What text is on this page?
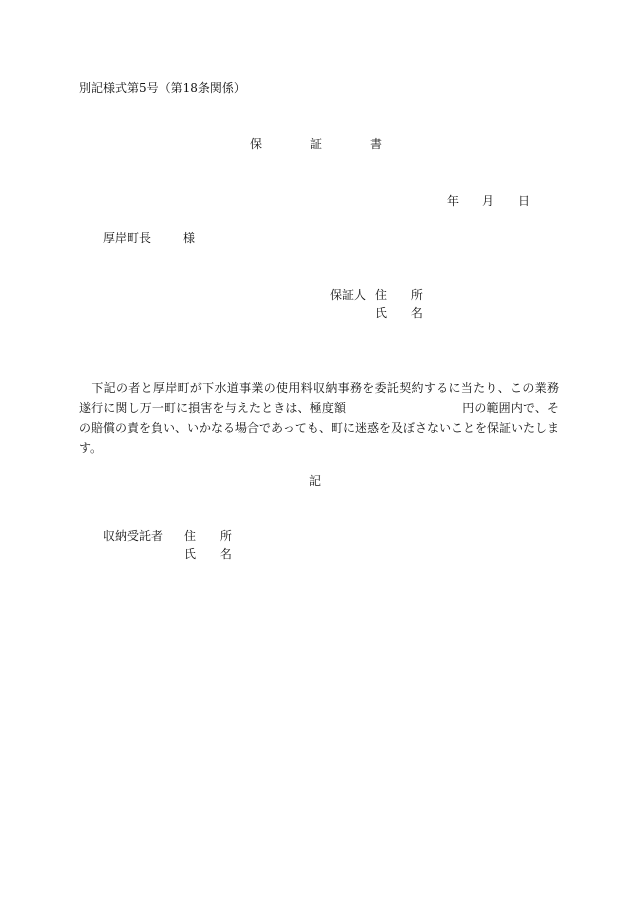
別記様式第5号（第18条関係）
保	証	書
年 月 日
厚岸町長	様
保証人 住 所
氏 名
　下記の者と厚岸町が下水道事業の使用料収納事務を委託契約するに当たり、この業務遂行に関し万一町に損害を与えたときは、極度額	円の範囲内で、その賠償の責を負い、いかなる場合であっても、町に迷惑を及ぼさないことを保証いたします。
記
収納受託者 住 所
氏 名
